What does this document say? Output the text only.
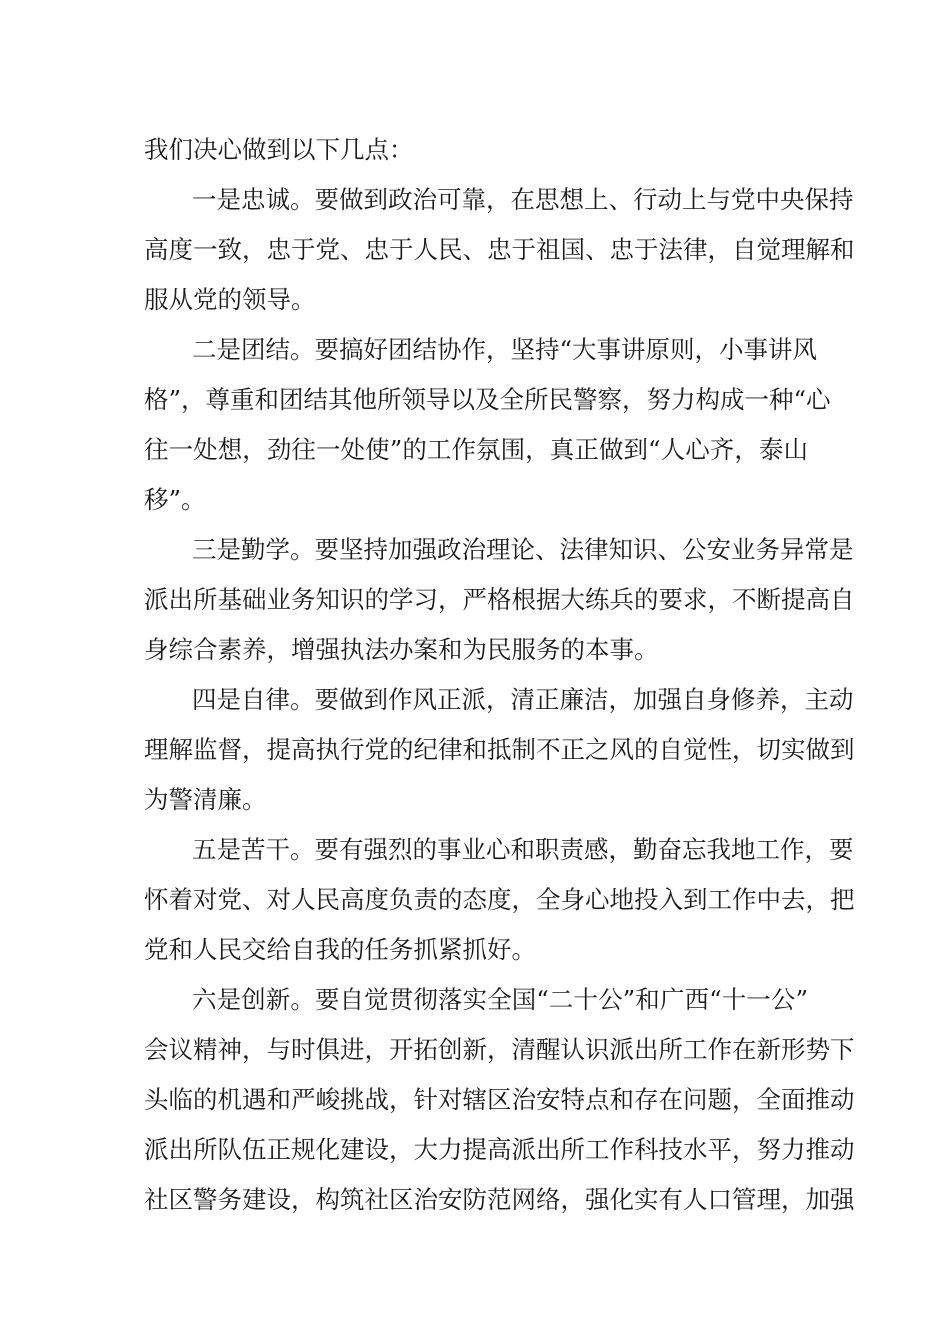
我们决心做到以下几点：
一是忠诚。要做到政治可靠，在思想上、行动上与党中央保持
高度一致，忠于党、忠于人民、忠于祖国、忠于法律，自觉理解和
服从党的领导。
二是团结。要搞好团结协作，坚持“大事讲原则，小事讲风
格”，尊重和团结其他所领导以及全所民警察，努力构成一种“心
往一处想，劲往一处使”的工作氛围，真正做到“人心齐，泰山
移”。
三是勤学。要坚持加强政治理论、法律知识、公安业务异常是
派出所基础业务知识的学习，严格根据大练兵的要求，不断提高自
身综合素养，增强执法办案和为民服务的本事。
四是自律。要做到作风正派，清正廉洁，加强自身修养，主动
理解监督，提高执行党的纪律和抵制不正之风的自觉性，切实做到
为警清廉。
五是苦干。要有强烈的事业心和职责感，勤奋忘我地工作，要
怀着对党、对人民高度负责的态度，全身心地投入到工作中去，把
党和人民交给自我的任务抓紧抓好。
六是创新。要自觉贯彻落实全国“二十公”和广西“十一公”
会议精神，与时俱进，开拓创新，清醒认识派出所工作在新形势下
头临的机遇和严峻挑战，针对辖区治安特点和存在问题，全面推动
派出所队伍正规化建设，大力提高派出所工作科技水平，努力推动
社区警务建设，构筑社区治安防范网络，强化实有人口管理，加强
